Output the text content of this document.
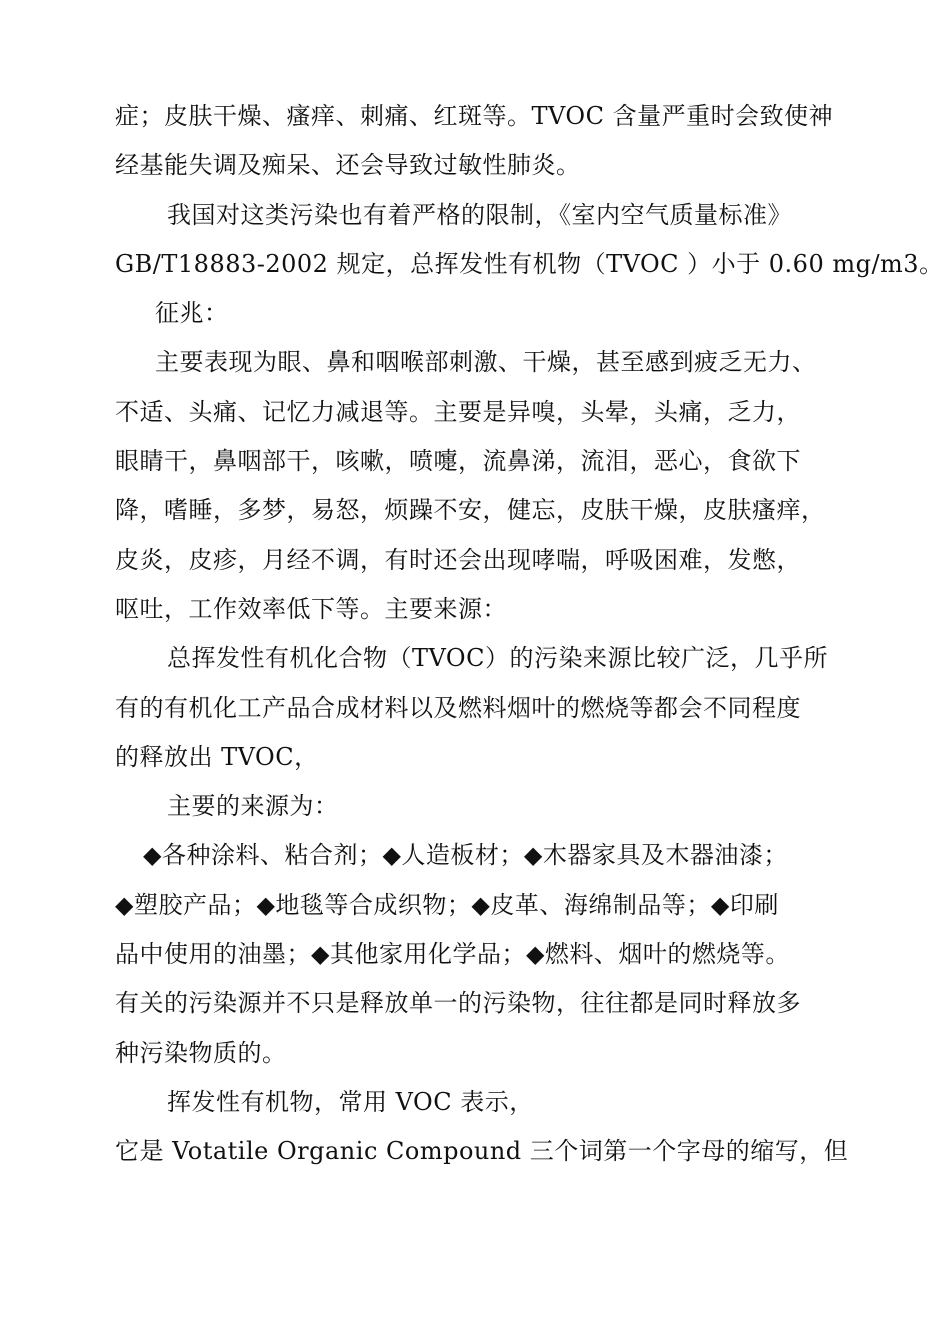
症；皮肤干燥、瘙痒、刺痛、红斑等。TVOC 含量严重时会致使神

经基能失调及痴呆、还会导致过敏性肺炎。

我国对这类污染也有着严格的限制，《室内空气质量标准》

GB/T18883-2002 规定，总挥发性有机物（TVOC ）小于 0.60 mg/m3。

征兆：

主要表现为眼、鼻和咽喉部刺激、干燥，甚至感到疲乏无力、

不适、头痛、记忆力减退等。主要是异嗅，头晕，头痛，乏力，

眼睛干，鼻咽部干，咳嗽，喷嚏，流鼻涕，流泪，恶心，食欲下

降，嗜睡，多梦，易怒，烦躁不安，健忘，皮肤干燥，皮肤瘙痒，

皮炎，皮疹，月经不调，有时还会出现哮喘，呼吸困难，发憋，

呕吐，工作效率低下等。主要来源：

总挥发性有机化合物（TVOC）的污染来源比较广泛，几乎所

有的有机化工产品合成材料以及燃料烟叶的燃烧等都会不同程度

的释放出 TVOC，

主要的来源为：

◆各种涂料、粘合剂；◆人造板材；◆木器家具及木器油漆；

◆塑胶产品；◆地毯等合成织物；◆皮革、海绵制品等；◆印刷

品中使用的油墨；◆其他家用化学品；◆燃料、烟叶的燃烧等。

有关的污染源并不只是释放单一的污染物，往往都是同时释放多

种污染物质的。

挥发性有机物，常用 VOC 表示，

它是 Votatile Organic Compound 三个词第一个字母的缩写，但
